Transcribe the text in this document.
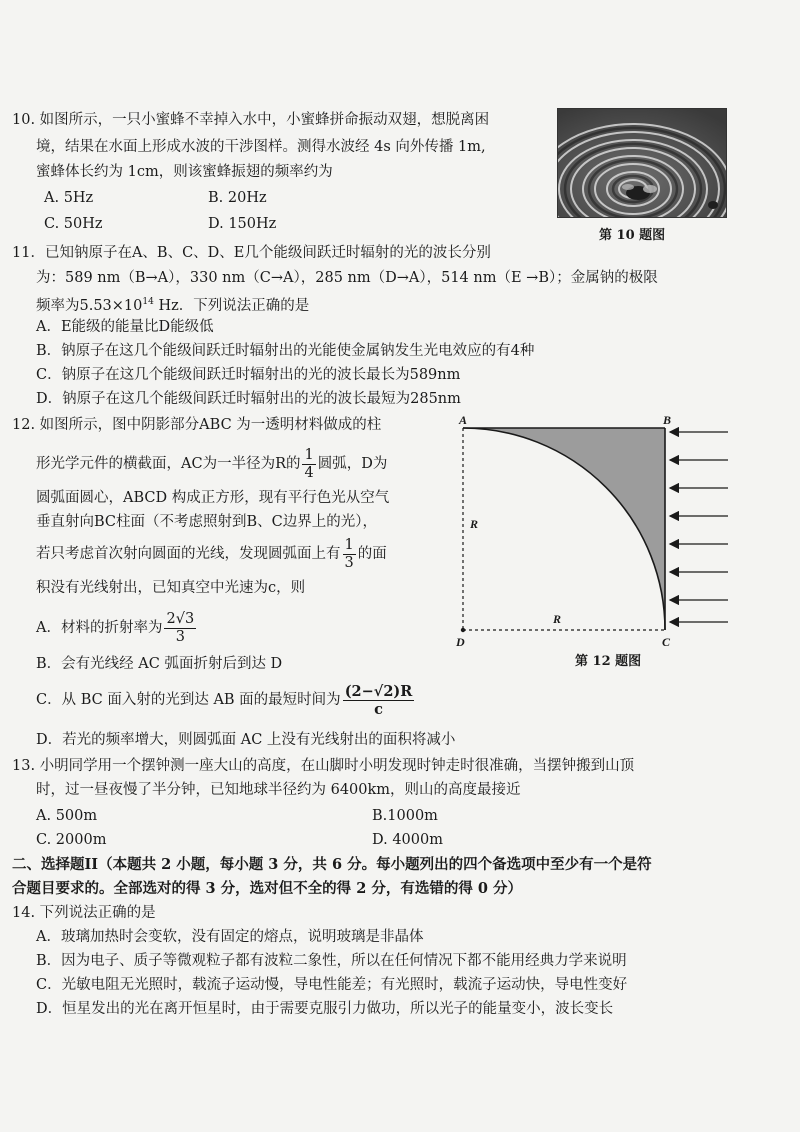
10. 如图所示，一只小蜜蜂不幸掉入水中，小蜜蜂拼命振动双翅，想脱离困
境，结果在水面上形成水波的干涉图样。测得水波经 4s 向外传播 1m,
蜜蜂体长约为 1cm，则该蜜蜂振翅的频率约为
A. 5Hz	B. 20Hz
C. 50Hz	D. 150Hz
第 10 题图
11．已知钠原子在A、B、C、D、E几个能级间跃迁时辐射的光的波长分别
为：589 nm（B→A），330 nm（C→A），285 nm（D→A），514 nm（E →B）；金属钠的极限
频率为$5.53\times 10^{14}$ Hz．下列说法正确的是
A．E能级的能量比D能级低
B．钠原子在这几个能级间跃迁时辐射出的光能使金属钠发生光电效应的有4种
C．钠原子在这几个能级间跃迁时辐射出的光的波长最长为589nm
D．钠原子在这几个能级间跃迁时辐射出的光的波长最短为285nm
12. 如图所示，图中阴影部分ABC 为一透明材料做成的柱
形光学元件的横截面，AC为一半径为R的 $\frac{1}{4}$ 圆弧，D为
圆弧面圆心，ABCD 构成正方形，现有平行色光从空气
垂直射向BC柱面（不考虑照射到B、C边界上的光），
若只考虑首次射向圆面的光线，发现圆弧面上有 $\frac{1}{3}$ 的面
积没有光线射出，已知真空中光速为c，则
A．材料的折射率为 $\frac{2√3}{3}$
B．会有光线经 AC 弧面折射后到达 D
C．从 BC 面入射的光到达 AB 面的最短时间为 $\frac{(2-√2)R}{c}$
D．若光的频率增大，则圆弧面 AC 上没有光线射出的面积将减小
A	B
C
D
R
R
第 12 题图
13. 小明同学用一个摆钟测一座大山的高度，在山脚时小明发现时钟走时很准确，当摆钟搬到山顶
时，过一昼夜慢了半分钟，已知地球半径约为 6400km，则山的高度最接近
A. 500m	B.1000m
C. 2000m	D. 4000m
二、选择题II（本题共 2 小题，每小题 3 分，共 6 分。每小题列出的四个备选项中至少有一个是符
合题目要求的。全部选对的得 3 分，选对但不全的得 2 分，有选错的得 0 分）
14. 下列说法正确的是
A．玻璃加热时会变软，没有固定的熔点，说明玻璃是非晶体
B．因为电子、质子等微观粒子都有波粒二象性，所以在任何情况下都不能用经典力学来说明
C．光敏电阻无光照时，载流子运动慢，导电性能差；有光照时，载流子运动快，导电性变好
D．恒星发出的光在离开恒星时，由于需要克服引力做功，所以光子的能量变小，波长变长
